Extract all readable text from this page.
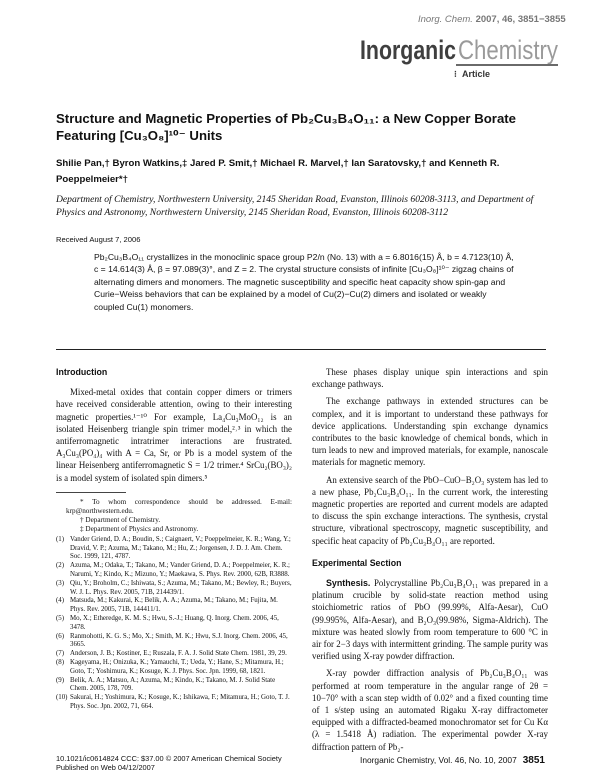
Inorg. Chem. 2007, 46, 3851−3855
Inorganic Chemistry
⁝ Article
Structure and Magnetic Properties of Pb₂Cu₃B₄O₁₁: a New Copper Borate Featuring [Cu₃O₈]¹⁰⁻ Units
Shilie Pan,† Byron Watkins,‡ Jared P. Smit,† Michael R. Marvel,† Ian Saratovsky,† and Kenneth R. Poeppelmeier*†
Department of Chemistry, Northwestern University, 2145 Sheridan Road, Evanston, Illinois 60208-3113, and Department of Physics and Astronomy, Northwestern University, 2145 Sheridan Road, Evanston, Illinois 60208-3112
Received August 7, 2006
Pb₂Cu₃B₄O₁₁ crystallizes in the monoclinic space group P2/n (No. 13) with a = 6.8016(15) Å, b = 4.7123(10) Å, c = 14.614(3) Å, β = 97.089(3)°, and Z = 2. The crystal structure consists of infinite [Cu₃O₈]¹⁰⁻ zigzag chains of alternating dimers and monomers. The magnetic susceptibility and specific heat capacity show spin-gap and Curie−Weiss behaviors that can be explained by a model of Cu(2)−Cu(2) dimers and isolated or weakly coupled Cu(1) monomers.
Introduction

Mixed-metal oxides that contain copper dimers or trimers have received considerable attention, owing to their interesting magnetic properties.¹⁻¹⁰ For example, La₄Cu₃MoO₁₂ is an isolated Heisenberg triangle spin trimer model,²˒³ in which the antiferromagnetic intratrimer interactions are frustrated. A₃Cu₃(PO₄)₄ with A = Ca, Sr, or Pb is a model system of the linear Heisenberg antiferromagnetic S = 1/2 trimer.⁴ SrCu₂(BO₃)₂ is a model system of isolated spin dimers.⁵

* To whom correspondence should be addressed. E-mail: krp@northwestern.edu.

† Department of Chemistry.

‡ Department of Physics and Astronomy.

(1) Vander Griend, D. A.; Boudin, S.; Caignaert, V.; Poeppelmeier, K. R.; Wang, Y.; Dravid, V. P.; Azuma, M.; Takano, M.; Hu, Z.; Jorgensen, J. D. J. Am. Chem. Soc. 1999, 121, 4787.
(2) Azuma, M.; Odaka, T.; Takano, M.; Vander Griend, D. A.; Poeppelmeier, K. R.; Narumi, Y.; Kindo, K.; Mizuno, Y.; Maekawa, S. Phys. Rev. 2000, 62B, R3888.
(3) Qiu, Y.; Broholm, C.; Ishiwata, S.; Azuma, M.; Takano, M.; Bewley, R.; Buyers, W. J. L. Phys. Rev. 2005, 71B, 214439/1.
(4) Matsuda, M.; Kakurai, K.; Belik, A. A.; Azuma, M.; Takano, M.; Fujita, M. Phys. Rev. 2005, 71B, 144411/1.
(5) Mo, X.; Etheredge, K. M. S.; Hwu, S.-J.; Huang, Q. Inorg. Chem. 2006, 45, 3478.
(6) Ranmohotti, K. G. S.; Mo, X.; Smith, M. K.; Hwu, S.J. Inorg. Chem. 2006, 45, 3665.
(7) Anderson, J. B.; Kostiner, E.; Ruszala, F. A. J. Solid State Chem. 1981, 39, 29.
(8) Kageyama, H.; Onizuka, K.; Yamauchi, T.; Ueda, Y.; Hane, S.; Mitamura, H.; Goto, T.; Yoshimura, K.; Kosuge, K. J. Phys. Soc. Jpn. 1999, 68, 1821.
(9) Belik, A. A.; Matsuo, A.; Azuma, M.; Kindo, K.; Takano, M. J. Solid State Chem. 2005, 178, 709.
(10) Sakurai, H.; Yoshimura, K.; Kosuge, K.; Ishikawa, F.; Mitamura, H.; Goto, T. J. Phys. Soc. Jpn. 2002, 71, 664.

These phases display unique spin interactions and spin exchange pathways.

The exchange pathways in extended structures can be complex, and it is important to understand these pathways for device applications. Understanding spin exchange dynamics contributes to the basic knowledge of chemical bonds, which in turn leads to new and improved materials, for example, nanoscale materials for magnetic memory.

An extensive search of the PbO−CuO−B₂O₃ system has led to a new phase, Pb₂Cu₃B₄O₁₁. In the current work, the interesting magnetic properties are reported and current models are adapted to discuss the spin exchange interactions. The synthesis, crystal structure, vibrational spectroscopy, magnetic susceptibility, and specific heat capacity of Pb₂Cu₃B₄O₁₁ are reported.

Experimental Section

Synthesis. Polycrystalline Pb₂Cu₃B₄O₁₁ was prepared in a platinum crucible by solid-state reaction method using stoichiometric ratios of PbO (99.99%, Alfa-Aesar), CuO (99.995%, Alfa-Aesar), and B₂O₃(99.98%, Sigma-Aldrich). The mixture was heated slowly from room temperature to 600 °C in air for 2−3 days with intermittent grinding. The sample purity was verified using X-ray powder diffraction.

X-ray powder diffraction analysis of Pb₂Cu₃B₄O₁₁ was performed at room temperature in the angular range of 2θ = 10−70° with a scan step width of 0.02° and a fixed counting time of 1 s/step using an automated Rigaku X-ray diffractometer equipped with a diffracted-beamed monochromator set for Cu Kα (λ = 1.5418 Å) radiation. The experimental powder X-ray diffraction pattern of Pb₂-

10.1021/ic0614824 CCC: $37.00 © 2007 American Chemical Society
Published on Web 04/12/2007
Inorganic Chemistry, Vol. 46, No. 10, 2007 3851
